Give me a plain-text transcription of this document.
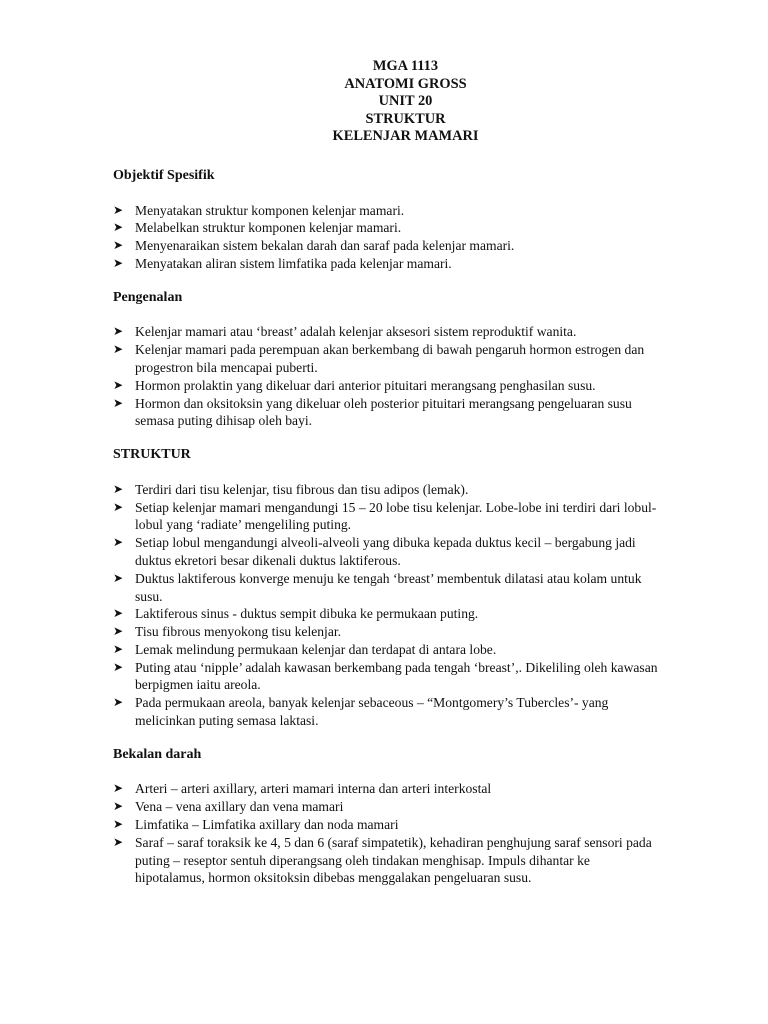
MGA 1113
ANATOMI GROSS
UNIT 20
STRUKTUR
KELENJAR MAMARI

Objektif Spesifik

➤ Menyatakan struktur komponen kelenjar mamari.
➤ Melabelkan struktur komponen kelenjar mamari.
➤ Menyenaraikan sistem bekalan darah dan saraf pada kelenjar mamari.
➤ Menyatakan aliran sistem limfatika pada kelenjar mamari.

Pengenalan

➤ Kelenjar mamari atau ‘breast’ adalah kelenjar aksesori sistem reproduktif wanita.
➤ Kelenjar mamari pada perempuan akan berkembang di bawah pengaruh hormon estrogen dan progestron bila mencapai puberti.
➤ Hormon prolaktin yang dikeluar dari anterior pituitari merangsang penghasilan susu.
➤ Hormon dan oksitoksin yang dikeluar oleh posterior pituitari merangsang pengeluaran susu semasa puting dihisap oleh bayi.

STRUKTUR

➤ Terdiri dari tisu kelenjar, tisu fibrous dan tisu adipos (lemak).
➤ Setiap kelenjar mamari mengandungi 15 – 20 lobe tisu kelenjar. Lobe-lobe ini terdiri dari lobul-lobul yang ‘radiate’ mengeliling puting.
➤ Setiap lobul mengandungi alveoli-alveoli yang dibuka kepada duktus kecil – bergabung jadi duktus ekretori besar dikenali duktus laktiferous.
➤ Duktus laktiferous konverge menuju ke tengah ‘breast’ membentuk dilatasi atau kolam untuk susu.
➤ Laktiferous sinus - duktus sempit dibuka ke permukaan puting.
➤ Tisu fibrous menyokong tisu kelenjar.
➤ Lemak melindung permukaan kelenjar dan terdapat di antara lobe.
➤ Puting atau ‘nipple’ adalah kawasan berkembang pada tengah ‘breast’,. Dikeliling oleh kawasan berpigmen iaitu areola.
➤ Pada permukaan areola, banyak kelenjar sebaceous – “Montgomery’s Tubercles’- yang melicinkan puting semasa laktasi.

Bekalan darah

➤ Arteri – arteri axillary, arteri mamari interna dan arteri interkostal
➤ Vena – vena axillary dan vena mamari
➤ Limfatika – Limfatika axillary dan noda mamari
➤ Saraf – saraf toraksik ke 4, 5 dan 6 (saraf simpatetik), kehadiran penghujung saraf sensori pada puting – reseptor sentuh diperangsang oleh tindakan menghisap. Impuls dihantar ke hipotalamus, hormon oksitoksin dibebas menggalakan pengeluaran susu.
